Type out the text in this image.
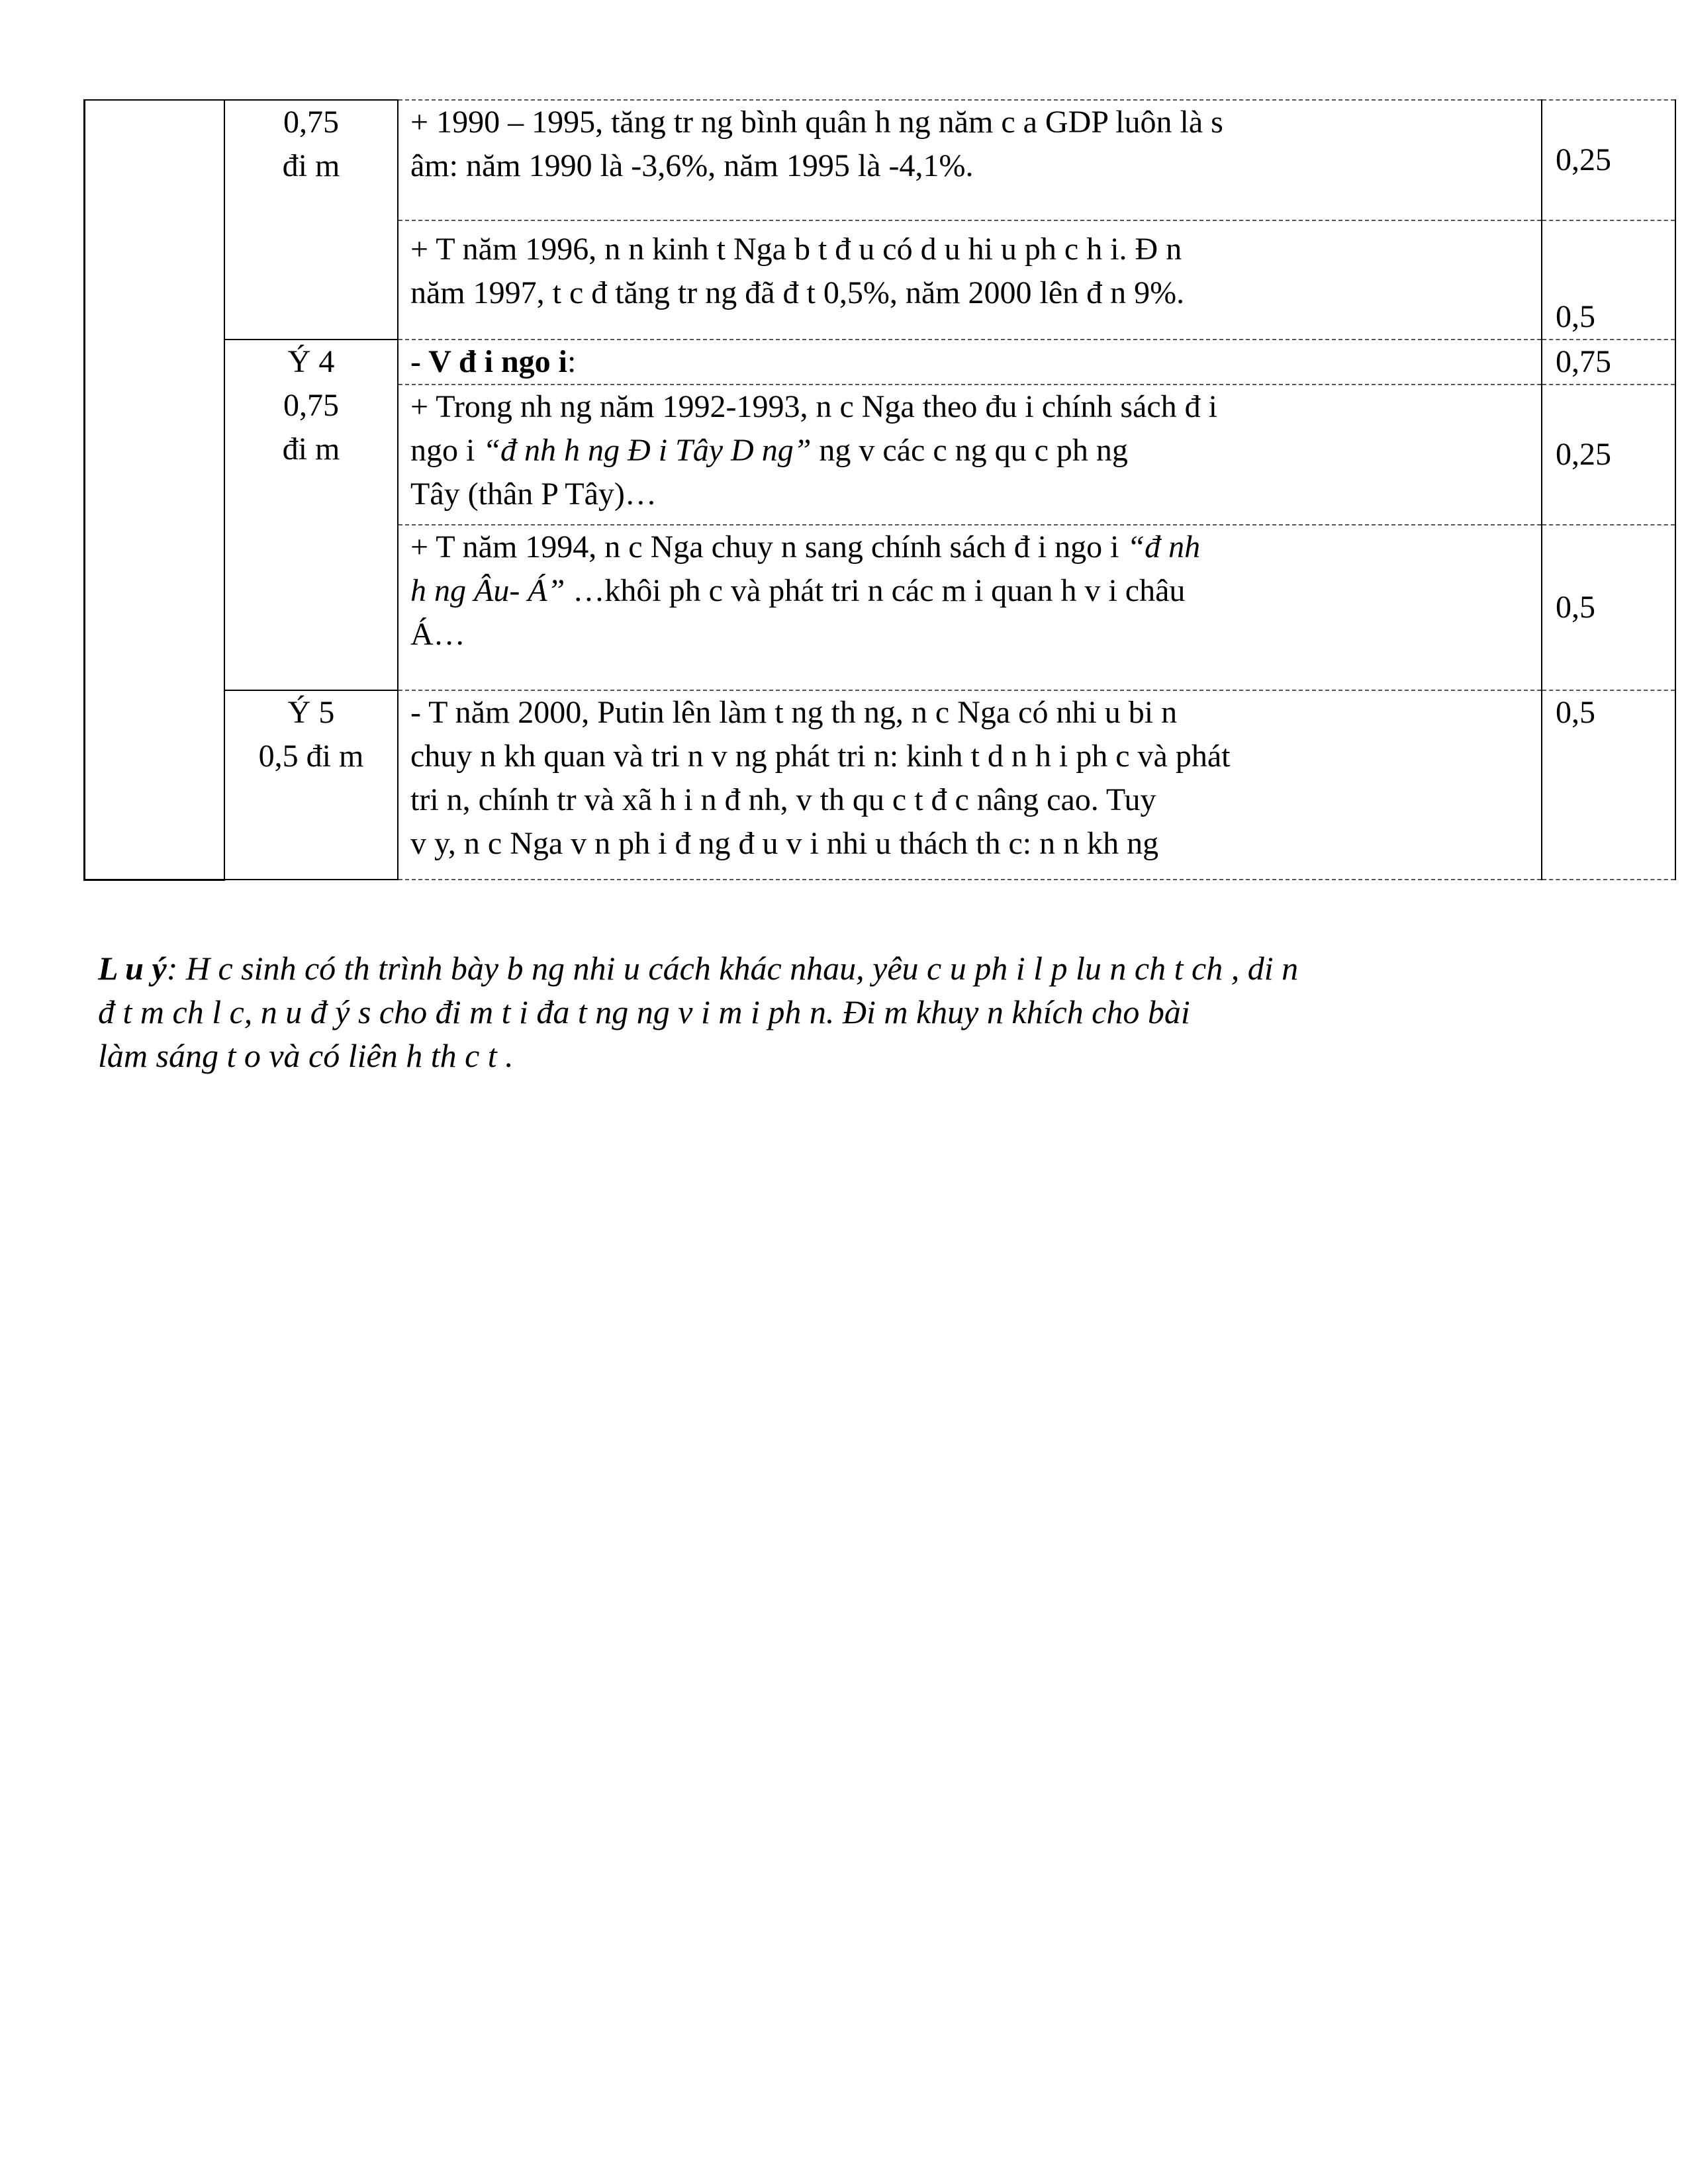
	0,75
đi m	+ 1990 – 1995, tăng tr ng bình quân h ng năm c a GDP luôn là s
âm: năm 1990 là -3,6%, năm 1995 là -4,1%.	0,25

		+ T năm 1996, n n kinh t Nga b t đ u có d u hi u ph c h i. Đ n
năm 1997, t c đ tăng tr ng đã đ t 0,5%, năm 2000 lên đ n 9%.	0,5

	Ý 4
0,75
đi m	- V đ i ngo i:	0,75

		+ Trong nh ng năm 1992-1993, n c Nga theo đu i chính sách đ i
ngo i “đ nh h ng Đ i Tây D ng” ng v các c ng qu c ph ng
Tây (thân P Tây)…	0,25

		+ T năm 1994, n c Nga chuy n sang chính sách đ i ngo i “đ nh
h ng Âu- Á” …khôi ph c và phát tri n các m i quan h v i châu
Á…	0,5

	Ý 5
0,5 đi m	- T năm 2000, Putin lên làm t ng th ng, n c Nga có nhi u bi n
chuy n kh quan và tri n v ng phát tri n: kinh t d n h i ph c và phát
tri n, chính tr và xã h i n đ nh, v th qu c t đ c nâng cao. Tuy
v y, n c Nga v n ph i đ ng đ u v i nhi u thách th c: n n kh ng	0,5
L u ý: H c sinh có th trình bày b ng nhi u cách khác nhau, yêu c u ph i l p lu n ch t ch , di n
đ t m ch l c, n u đ ý s cho đi m t i đa t ng ng v i m i ph n. Đi m khuy n khích cho bài
làm sáng t o và có liên h th c t .
